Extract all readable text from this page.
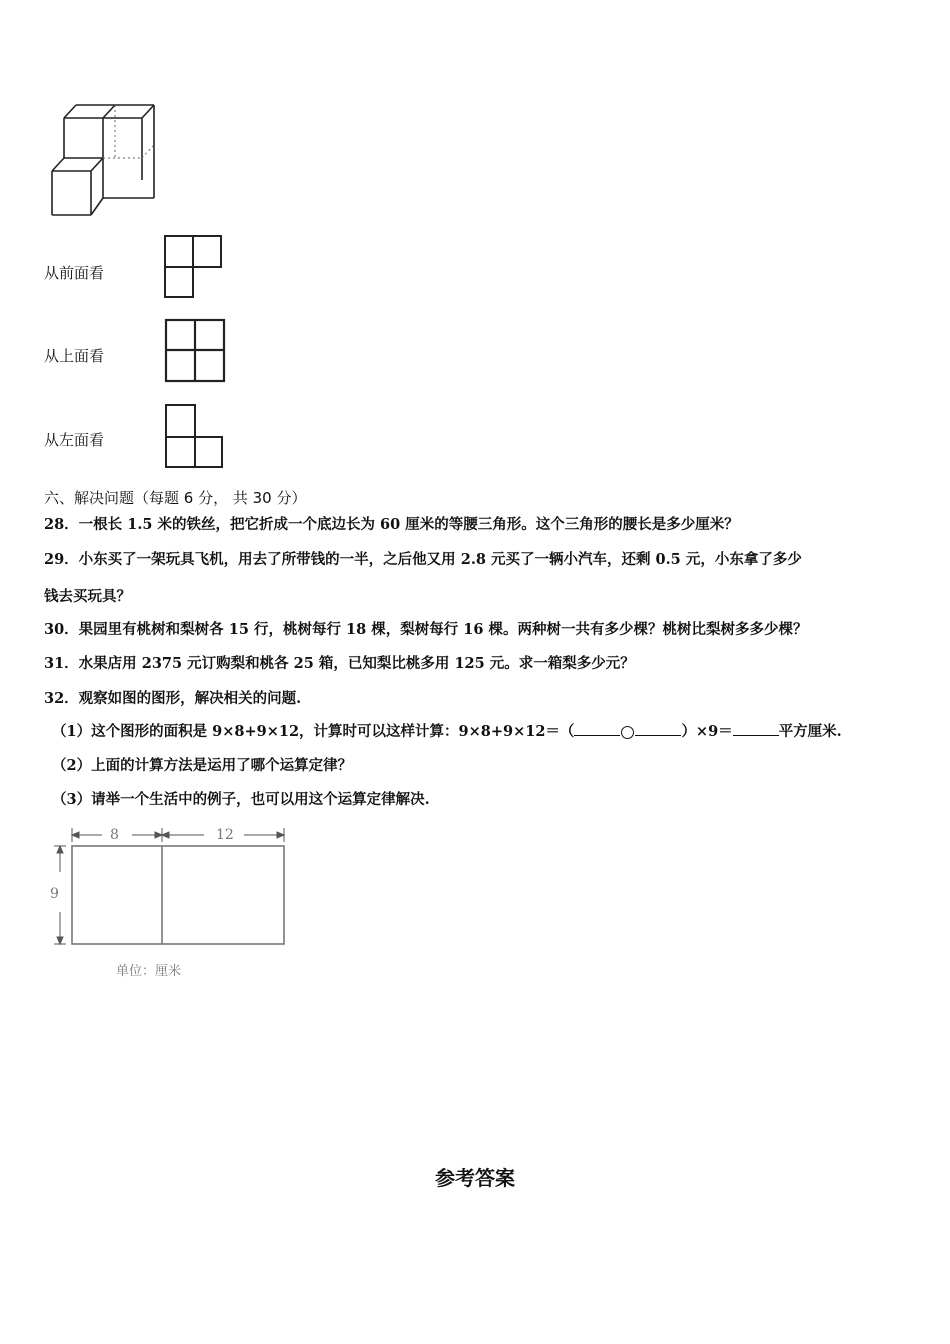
从前面看
从上面看
从左面看
六、解决问题（每题 6 分， 共 30 分）
28．一根长 1.5 米的铁丝，把它折成一个底边长为 60 厘米的等腰三角形。这个三角形的腰长是多少厘米？
29．小东买了一架玩具飞机，用去了所带钱的一半，之后他又用 2.8 元买了一辆小汽车，还剩 0.5 元，小东拿了多少
钱去买玩具？
30．果园里有桃树和梨树各 15 行，桃树每行 18 棵，梨树每行 16 棵。两种树一共有多少棵？桃树比梨树多多少棵？
31．水果店用 2375 元订购梨和桃各 25 箱，已知梨比桃多用 125 元。求一箱梨多少元？
32．观察如图的图形，解决相关的问题.
（1）这个图形的面积是 9×8+9×12，计算时可以这样计算：9×8+9×12＝（	）×9＝	平方厘米.
（2）上面的计算方法是运用了哪个运算定律？
（3）请举一个生活中的例子，也可以用这个运算定律解决.
8	12
9
单位：厘米
参考答案
